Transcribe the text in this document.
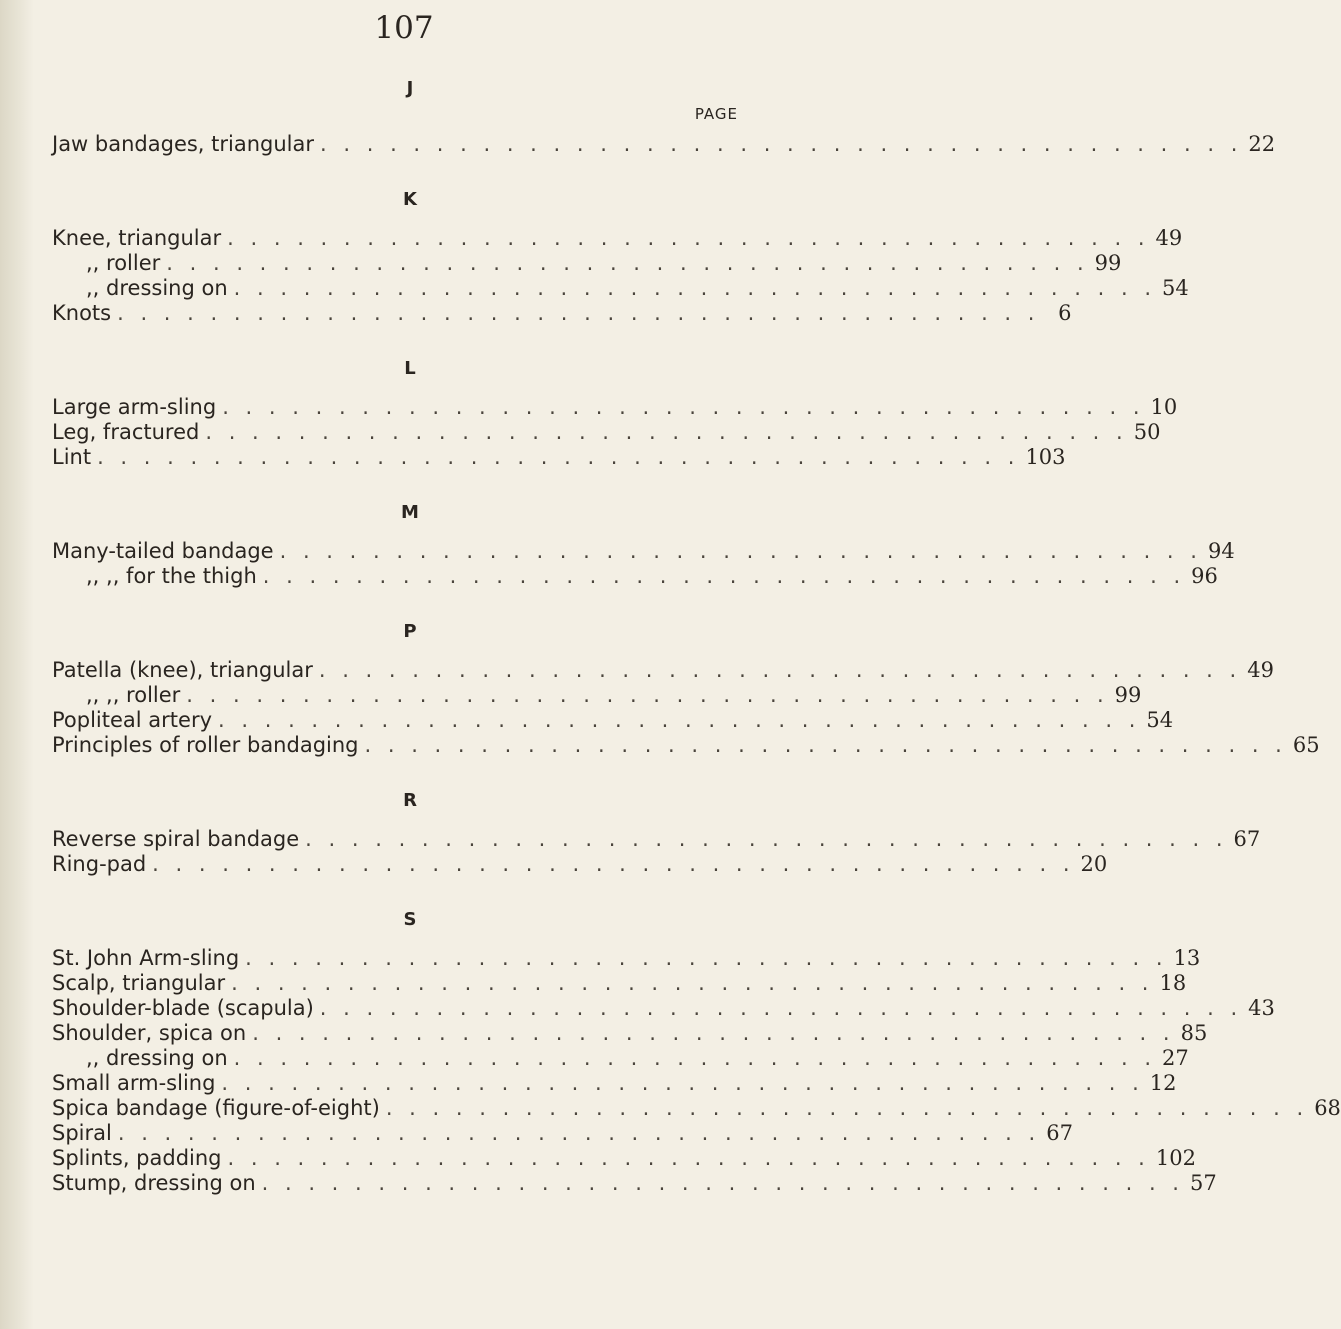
107
PAGE
J
Jaw bandages, triangular . . . . . . . . . . . . . . . . . . . . . . . . . . . . . . . . . . . . . . . . 22
K
Knee, triangular . . . . . . . . . . . . . . . . . . . . . . . . . . . . . . . . . . . . . . . . 49
,, roller . . . . . . . . . . . . . . . . . . . . . . . . . . . . . . . . . . . . . . . . 99
,, dressing on . . . . . . . . . . . . . . . . . . . . . . . . . . . . . . . . . . . . . . . . 54
Knots . . . . . . . . . . . . . . . . . . . . . . . . . . . . . . . . . . . . . . . . 6
L
Large arm-sling . . . . . . . . . . . . . . . . . . . . . . . . . . . . . . . . . . . . . . . . 10
Leg, fractured . . . . . . . . . . . . . . . . . . . . . . . . . . . . . . . . . . . . . . . . 50
Lint . . . . . . . . . . . . . . . . . . . . . . . . . . . . . . . . . . . . . . . . 103
M
Many-tailed bandage . . . . . . . . . . . . . . . . . . . . . . . . . . . . . . . . . . . . . . . . 94
,, ,, for the thigh . . . . . . . . . . . . . . . . . . . . . . . . . . . . . . . . . . . . . . . . 96
P
Patella (knee), triangular . . . . . . . . . . . . . . . . . . . . . . . . . . . . . . . . . . . . . . . . 49
,, ,, roller . . . . . . . . . . . . . . . . . . . . . . . . . . . . . . . . . . . . . . . . 99
Popliteal artery . . . . . . . . . . . . . . . . . . . . . . . . . . . . . . . . . . . . . . . . 54
Principles of roller bandaging . . . . . . . . . . . . . . . . . . . . . . . . . . . . . . . . . . . . . . . . 65
R
Reverse spiral bandage . . . . . . . . . . . . . . . . . . . . . . . . . . . . . . . . . . . . . . . . 67
Ring-pad . . . . . . . . . . . . . . . . . . . . . . . . . . . . . . . . . . . . . . . . 20
S
St. John Arm-sling . . . . . . . . . . . . . . . . . . . . . . . . . . . . . . . . . . . . . . . . 13
Scalp, triangular . . . . . . . . . . . . . . . . . . . . . . . . . . . . . . . . . . . . . . . . 18
Shoulder-blade (scapula) . . . . . . . . . . . . . . . . . . . . . . . . . . . . . . . . . . . . . . . . 43
Shoulder, spica on . . . . . . . . . . . . . . . . . . . . . . . . . . . . . . . . . . . . . . . . 85
,, dressing on . . . . . . . . . . . . . . . . . . . . . . . . . . . . . . . . . . . . . . . . 27
Small arm-sling . . . . . . . . . . . . . . . . . . . . . . . . . . . . . . . . . . . . . . . . 12
Spica bandage (figure-of-eight) . . . . . . . . . . . . . . . . . . . . . . . . . . . . . . . . . . . . . . . . 68
Spiral . . . . . . . . . . . . . . . . . . . . . . . . . . . . . . . . . . . . . . . . 67
Splints, padding . . . . . . . . . . . . . . . . . . . . . . . . . . . . . . . . . . . . . . . . 102
Stump, dressing on . . . . . . . . . . . . . . . . . . . . . . . . . . . . . . . . . . . . . . . . 57
